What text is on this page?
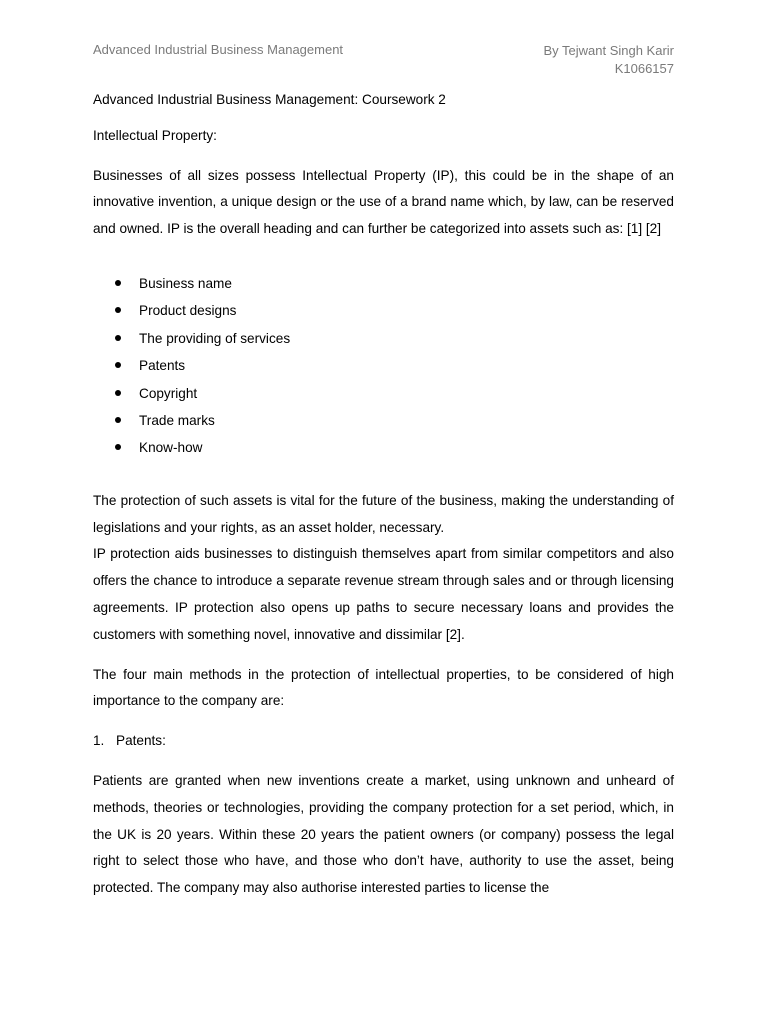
Advanced Industrial Business Management	By Tejwant Singh Karir
K1066157

Advanced Industrial Business Management: Coursework 2

Intellectual Property:

Businesses of all sizes possess Intellectual Property (IP), this could be in the shape of an innovative invention, a unique design or the use of a brand name which, by law, can be reserved and owned. IP is the overall heading and can further be categorized into assets such as: [1] [2]

Business name
Product designs
The providing of services
Patents
Copyright
Trade marks
Know-how

The protection of such assets is vital for the future of the business, making the understanding of legislations and your rights, as an asset holder, necessary.

IP protection aids businesses to distinguish themselves apart from similar competitors and also offers the chance to introduce a separate revenue stream through sales and or through licensing agreements. IP protection also opens up paths to secure necessary loans and provides the customers with something novel, innovative and dissimilar [2].

The four main methods in the protection of intellectual properties, to be considered of high importance to the company are:

1. Patents:

Patients are granted when new inventions create a market, using unknown and unheard of methods, theories or technologies, providing the company protection for a set period, which, in the UK is 20 years. Within these 20 years the patient owners (or company) possess the legal right to select those who have, and those who don’t have, authority to use the asset, being protected. The company may also authorise interested parties to license the
